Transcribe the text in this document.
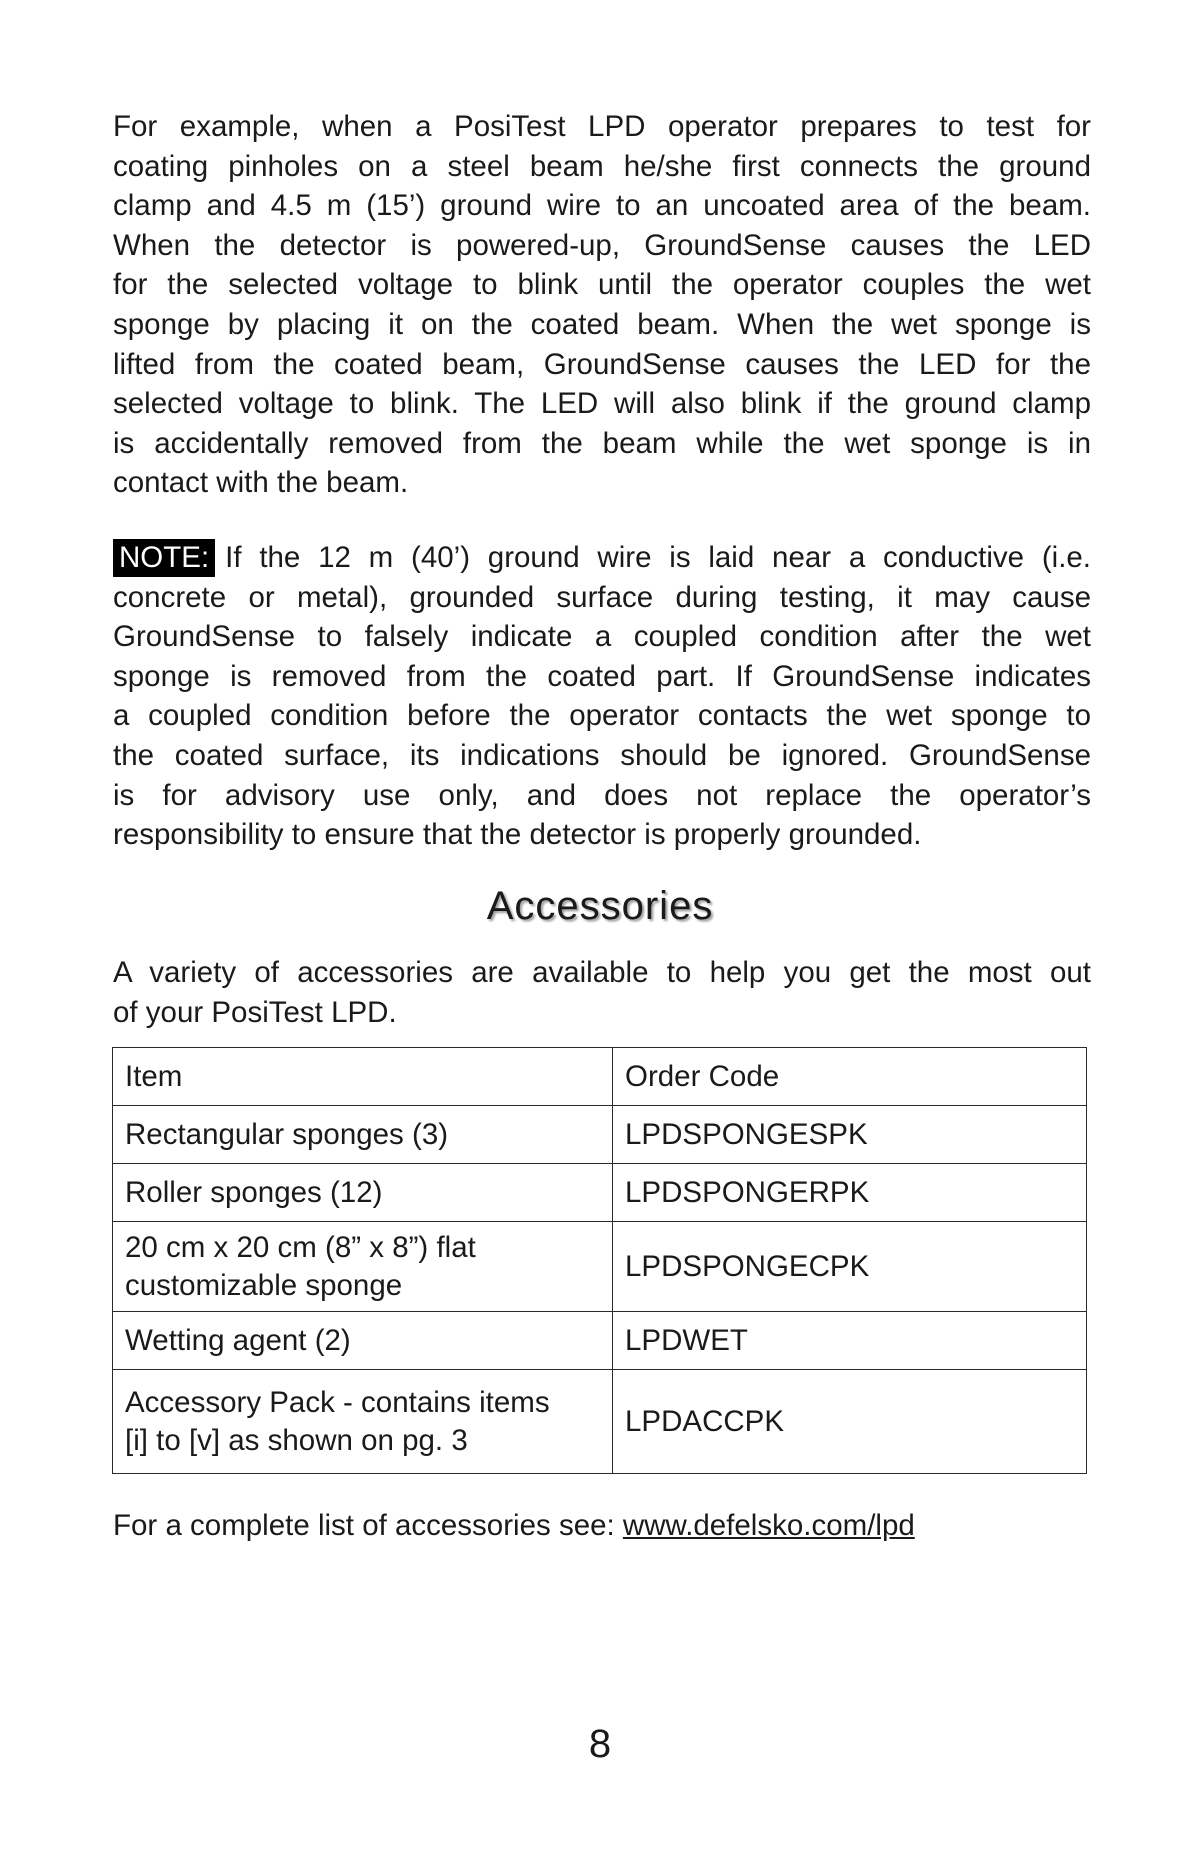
For example, when a PosiTest LPD operator prepares to test for
coating pinholes on a steel beam he/she first connects the ground
clamp and 4.5 m (15’) ground wire to an uncoated area of the beam.
When the detector is powered-up, GroundSense causes the LED
for the selected voltage to blink until the operator couples the wet
sponge by placing it on the coated beam. When the wet sponge is
lifted from the coated beam, GroundSense causes the LED for the
selected voltage to blink. The LED will also blink if the ground clamp
is accidentally removed from the beam while the wet sponge is in
contact with the beam.
NOTE: If the 12 m (40’) ground wire is laid near a conductive (i.e.
concrete or metal), grounded surface during testing, it may cause
GroundSense to falsely indicate a coupled condition after the wet
sponge is removed from the coated part. If GroundSense indicates
a coupled condition before the operator contacts the wet sponge to
the coated surface, its indications should be ignored. GroundSense
is for advisory use only, and does not replace the operator’s
responsibility to ensure that the detector is properly grounded.
Accessories
A variety of accessories are available to help you get the most out
of your PosiTest LPD.
Item	Order Code
Rectangular sponges (3)	LPDSPONGESPK
Roller sponges (12)	LPDSPONGERPK
20 cm x 20 cm (8” x 8”) flat
customizable sponge	LPDSPONGECPK
Wetting agent (2)	LPDWET
Accessory Pack - contains items
[i] to [v] as shown on pg. 3	LPDACCPK
For a complete list of accessories see: www.defelsko.com/lpd
8
